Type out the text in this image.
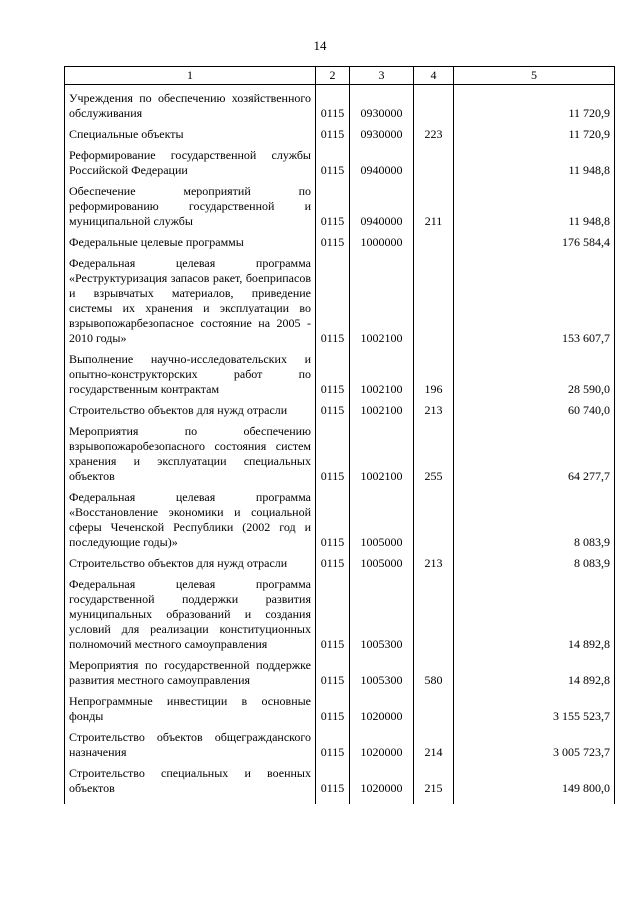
14
1	2	3	4	5
Учреждения по обеспечению хозяйственного обслуживания	0115	0930000		11 720,9
Специальные объекты	0115	0930000	223	11 720,9
Реформирование государственной службы Российской Федерации	0115	0940000		11 948,8
Обеспечение мероприятий по реформированию государственной и муниципальной службы	0115	0940000	211	11 948,8
Федеральные целевые программы	0115	1000000		176 584,4
Федеральная целевая программа «Реструктуризация запасов ракет, боеприпасов и взрывчатых материалов, приведение системы их хранения и эксплуатации во взрывопожарбезопасное состояние на 2005 - 2010 годы»	0115	1002100		153 607,7
Выполнение научно-исследовательских и опытно-конструкторских работ по государственным контрактам	0115	1002100	196	28 590,0
Строительство объектов для нужд отрасли	0115	1002100	213	60 740,0
Мероприятия по обеспечению взрывопожаробезопасного состояния систем хранения и эксплуатации специальных объектов	0115	1002100	255	64 277,7
Федеральная целевая программа «Восстановление экономики и социальной сферы Чеченской Республики (2002 год и последующие годы)»	0115	1005000		8 083,9
Строительство объектов для нужд отрасли	0115	1005000	213	8 083,9
Федеральная целевая программа государственной поддержки развития муниципальных образований и создания условий для реализации конституционных полномочий местного самоуправления	0115	1005300		14 892,8
Мероприятия по государственной поддержке развития местного самоуправления	0115	1005300	580	14 892,8
Непрограммные инвестиции в основные фонды	0115	1020000		3 155 523,7
Строительство объектов общегражданского назначения	0115	1020000	214	3 005 723,7
Строительство специальных и военных объектов	0115	1020000	215	149 800,0
